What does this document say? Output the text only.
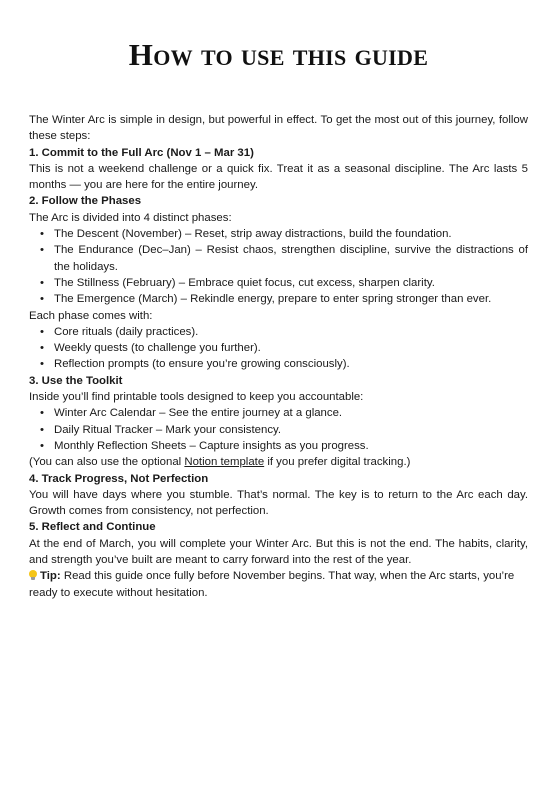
How to use this guide

The Winter Arc is simple in design, but powerful in effect. To get the most out of this journey, follow these steps:

1. Commit to the Full Arc (Nov 1 – Mar 31)

This is not a weekend challenge or a quick fix. Treat it as a seasonal discipline. The Arc lasts 5 months — you are here for the entire journey.

2. Follow the Phases

The Arc is divided into 4 distinct phases:

• The Descent (November) – Reset, strip away distractions, build the foundation.
• The Endurance (Dec–Jan) – Resist chaos, strengthen discipline, survive the distractions of the holidays.
• The Stillness (February) – Embrace quiet focus, cut excess, sharpen clarity.
• The Emergence (March) – Rekindle energy, prepare to enter spring stronger than ever.

Each phase comes with:

• Core rituals (daily practices).
• Weekly quests (to challenge you further).
• Reflection prompts (to ensure you’re growing consciously).

3. Use the Toolkit

Inside you’ll find printable tools designed to keep you accountable:

• Winter Arc Calendar – See the entire journey at a glance.
• Daily Ritual Tracker – Mark your consistency.
• Monthly Reflection Sheets – Capture insights as you progress.

(You can also use the optional Notion template if you prefer digital tracking.)

4. Track Progress, Not Perfection

You will have days where you stumble. That’s normal. The key is to return to the Arc each day. Growth comes from consistency, not perfection.

5. Reflect and Continue

At the end of March, you will complete your Winter Arc. But this is not the end. The habits, clarity, and strength you’ve built are meant to carry forward into the rest of the year.

Tip: Read this guide once fully before November begins. That way, when the Arc starts, you’re ready to execute without hesitation.
